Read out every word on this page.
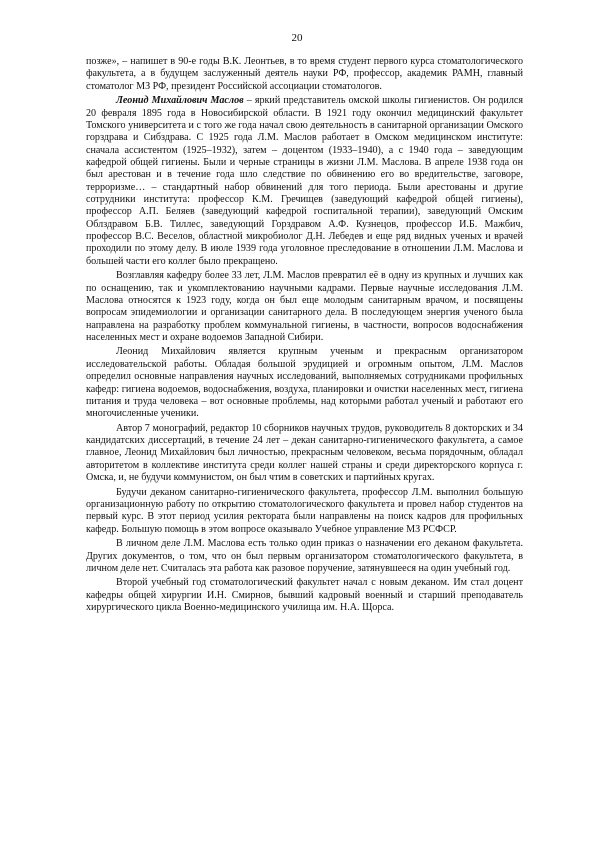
20

позже», – напишет в 90-е годы В.К. Леонтьев, в то время студент первого курса стоматологического факультета, а в будущем заслуженный деятель науки РФ, профессор, академик РАМН, главный стоматолог МЗ РФ, президент Российской ассоциации стоматологов.

Леонид Михайлович Маслов – яркий представитель омской школы гигиенистов. Он родился 20 февраля 1895 года в Новосибирской области. В 1921 году окончил медицинский факультет Томского университета и с того же года начал свою деятельность в санитарной организации Омского горздрава и Сибздрава. С 1925 года Л.М. Маслов работает в Омском медицинском институте: сначала ассистентом (1925–1932), затем – доцентом (1933–1940), а с 1940 года – заведующим кафедрой общей гигиены. Были и черные страницы в жизни Л.М. Маслова. В апреле 1938 года он был арестован и в течение года шло следствие по обвинению его во вредительстве, заговоре, терроризме… – стандартный набор обвинений для того периода. Были арестованы и другие сотрудники института: профессор К.М. Гречищев (заведующий кафедрой общей гигиены), профессор А.П. Беляев (заведующий кафедрой госпитальной терапии), заведующий Омским Облздравом Б.В. Тиллес, заведующий Горздравом А.Ф. Кузнецов, профессор И.Б. Мажбич, профессор В.С. Веселов, областной микробиолог Д.Н. Лебедев и еще ряд видных ученых и врачей проходили по этому делу. В июле 1939 года уголовное преследование в отношении Л.М. Маслова и большей части его коллег было прекращено.

Возглавляя кафедру более 33 лет, Л.М. Маслов превратил её в одну из крупных и лучших как по оснащению, так и укомплектованию научными кадрами. Первые научные исследования Л.М. Маслова относятся к 1923 году, когда он был еще молодым санитарным врачом, и посвящены вопросам эпидемиологии и организации санитарного дела. В последующем энергия ученого была направлена на разработку проблем коммунальной гигиены, в частности, вопросов водоснабжения населенных мест и охране водоемов Западной Сибири.

Леонид Михайлович является крупным ученым и прекрасным организатором исследовательской работы. Обладая большой эрудицией и огромным опытом, Л.М. Маслов определил основные направления научных исследований, выполняемых сотрудниками профильных кафедр: гигиена водоемов, водоснабжения, воздуха, планировки и очистки населенных мест, гигиена питания и труда человека – вот основные проблемы, над которыми работал ученый и работают его многочисленные ученики.

Автор 7 монографий, редактор 10 сборников научных трудов, руководитель 8 докторских и 34 кандидатских диссертаций, в течение 24 лет – декан санитарно-гигиенического факультета, а самое главное, Леонид Михайлович был личностью, прекрасным человеком, весьма порядочным, обладал авторитетом в коллективе института среди коллег нашей страны и среди директорского корпуса г. Омска, и, не будучи коммунистом, он был чтим в советских и партийных кругах.

Будучи деканом санитарно-гигиенического факультета, профессор Л.М. выполнил большую организационную работу по открытию стоматологического факультета и провел набор студентов на первый курс. В этот период усилия ректората были направлены на поиск кадров для профильных кафедр. Большую помощь в этом вопросе оказывало Учебное управление МЗ РСФСР.

В личном деле Л.М. Маслова есть только один приказ о назначении его деканом факультета. Других документов, о том, что он был первым организатором стоматологического факультета, в личном деле нет. Считалась эта работа как разовое поручение, затянувшееся на один учебный год.

Второй учебный год стоматологический факультет начал с новым деканом. Им стал доцент кафедры общей хирургии И.Н. Смирнов, бывший кадровый военный и старший преподаватель хирургического цикла Военно-медицинского училища им. Н.А. Щорса.
